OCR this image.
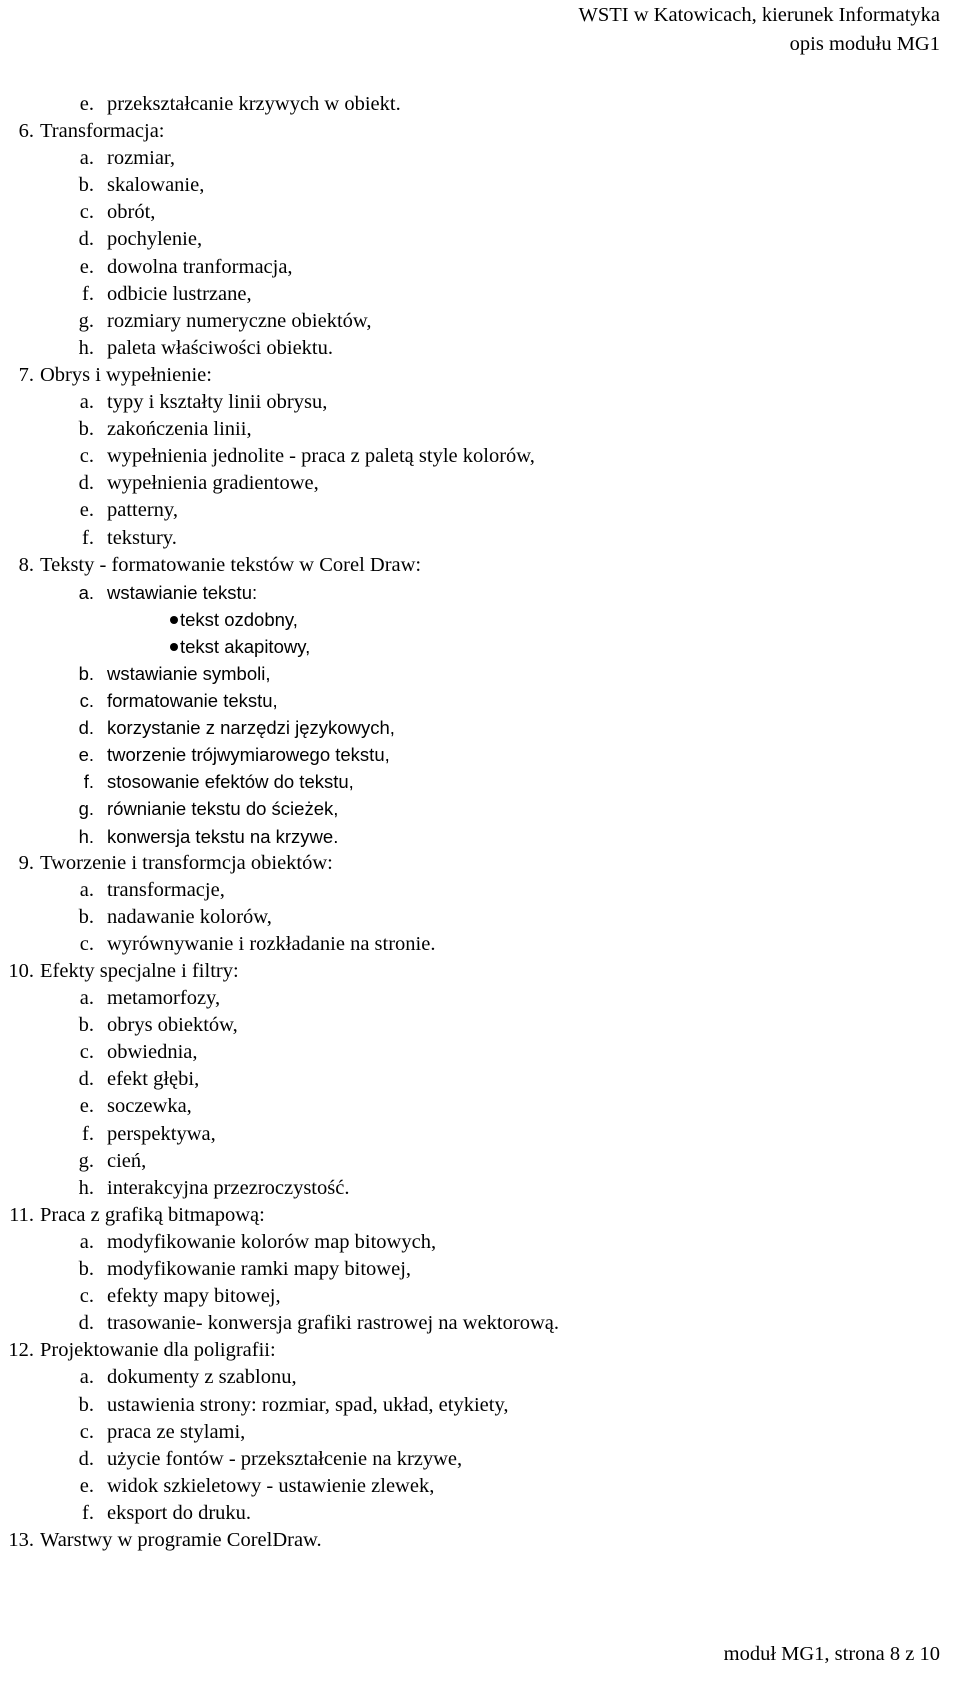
WSTI w Katowicach, kierunek Informatyka
opis modułu MG1
e. przekształcanie krzywych w obiekt.
6. Transformacja:
a. rozmiar,
b. skalowanie,
c. obrót,
d. pochylenie,
e. dowolna tranformacja,
f. odbicie lustrzane,
g. rozmiary numeryczne obiektów,
h. paleta właściwości obiektu.
7. Obrys i wypełnienie:
a. typy i kształty linii obrysu,
b. zakończenia linii,
c. wypełnienia jednolite - praca z paletą style kolorów,
d. wypełnienia gradientowe,
e. patterny,
f. tekstury.
8. Teksty - formatowanie tekstów w Corel Draw:
a. wstawianie tekstu:
tekst ozdobny,
tekst akapitowy,
b. wstawianie symboli,
c. formatowanie tekstu,
d. korzystanie z narzędzi językowych,
e. tworzenie trójwymiarowego tekstu,
f. stosowanie efektów do tekstu,
g. równianie tekstu do ścieżek,
h. konwersja tekstu na krzywe.
9. Tworzenie i transformcja obiektów:
a. transformacje,
b. nadawanie kolorów,
c. wyrównywanie i rozkładanie na stronie.
10. Efekty specjalne i filtry:
a. metamorfozy,
b. obrys obiektów,
c. obwiednia,
d. efekt głębi,
e. soczewka,
f. perspektywa,
g. cień,
h. interakcyjna przezroczystość.
11. Praca z grafiką bitmapową:
a. modyfikowanie kolorów map bitowych,
b. modyfikowanie ramki mapy bitowej,
c. efekty mapy bitowej,
d. trasowanie- konwersja grafiki rastrowej na wektorową.
12. Projektowanie dla poligrafii:
a. dokumenty z szablonu,
b. ustawienia strony: rozmiar, spad, układ, etykiety,
c. praca ze stylami,
d. użycie fontów - przekształcenie na krzywe,
e. widok szkieletowy - ustawienie zlewek,
f. eksport do druku.
13. Warstwy w programie CorelDraw.
moduł MG1, strona 8 z 10
